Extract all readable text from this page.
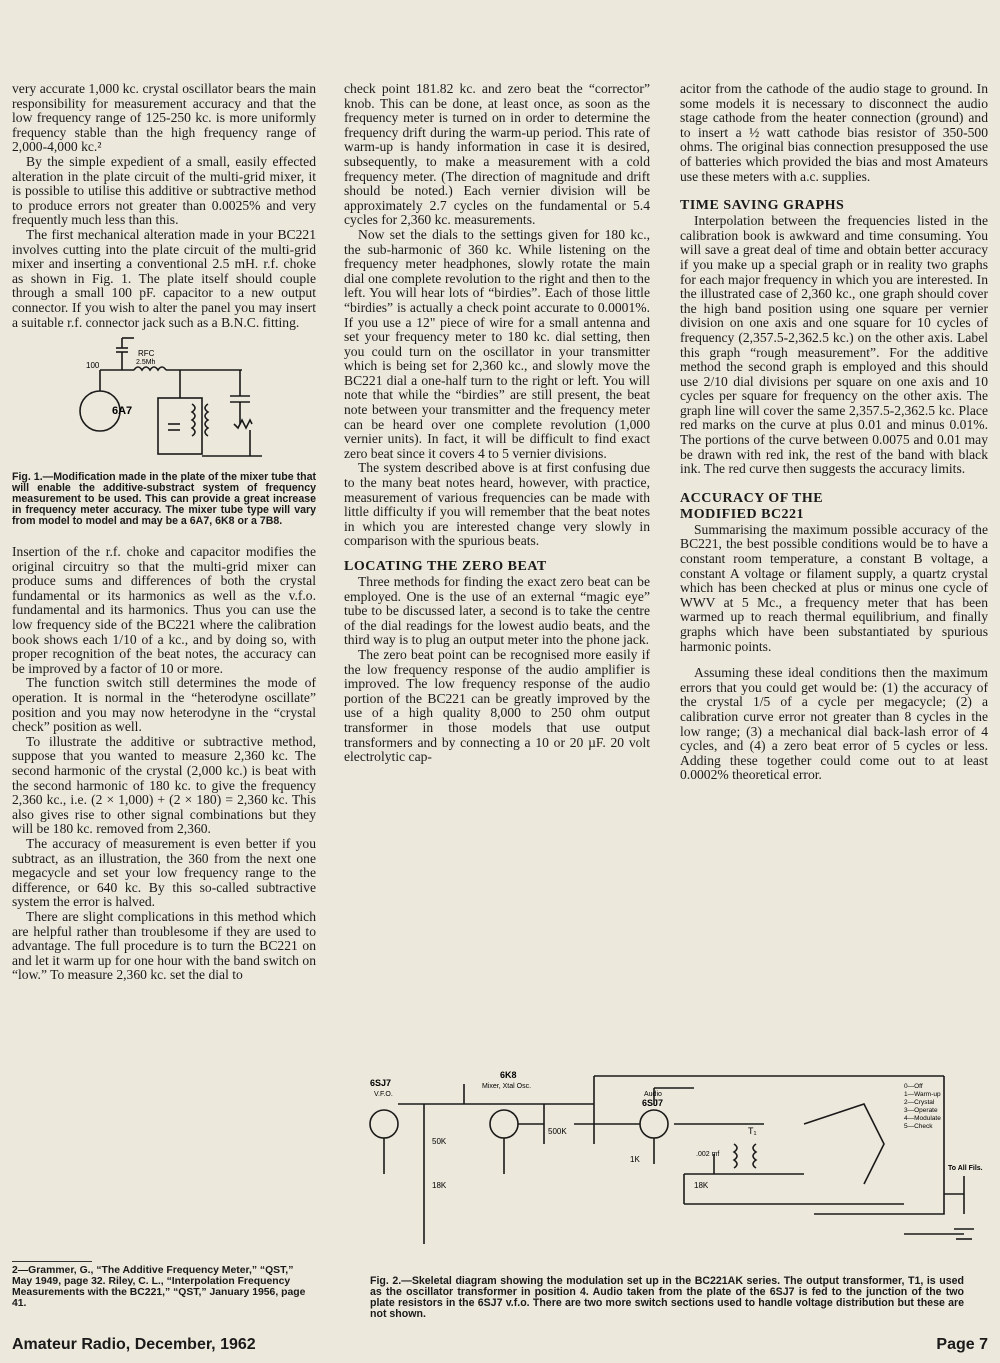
very accurate 1,000 kc. crystal oscillator bears the main responsibility for measurement accuracy and that the low frequency range of 125-250 kc. is more uniformly frequency stable than the high frequency range of 2,000-4,000 kc.²

By the simple expedient of a small, easily effected alteration in the plate circuit of the multi-grid mixer, it is possible to utilise this additive or subtractive method to produce errors not greater than 0.0025% and very frequently much less than this.

The first mechanical alteration made in your BC221 involves cutting into the plate circuit of the multi-grid mixer and inserting a conventional 2.5 mH. r.f. choke as shown in Fig. 1. The plate itself should couple through a small 100 pF. capacitor to a new output connector. If you wish to alter the panel you may insert a suitable r.f. connector jack such as a B.N.C. fitting.

100
RFC
2.5Mh
6A7

Fig. 1.—Modification made in the plate of the mixer tube that will enable the additive-substract system of frequency measurement to be used. This can provide a great increase in frequency meter accuracy. The mixer tube type will vary from model to model and may be a 6A7, 6K8 or a 7B8.

Insertion of the r.f. choke and capacitor modifies the original circuitry so that the multi-grid mixer can produce sums and differences of both the crystal fundamental or its harmonics as well as the v.f.o. fundamental and its harmonics. Thus you can use the low frequency side of the BC221 where the calibration book shows each 1/10 of a kc., and by doing so, with proper recognition of the beat notes, the accuracy can be improved by a factor of 10 or more.

The function switch still determines the mode of operation. It is normal in the “heterodyne oscillate” position and you may now heterodyne in the “crystal check” position as well.

To illustrate the additive or subtractive method, suppose that you wanted to measure 2,360 kc. The second harmonic of the crystal (2,000 kc.) is beat with the second harmonic of 180 kc. to give the frequency 2,360 kc., i.e. (2 × 1,000) + (2 × 180) = 2,360 kc. This also gives rise to other signal combinations but they will be 180 kc. removed from 2,360.

The accuracy of measurement is even better if you subtract, as an illustration, the 360 from the next one megacycle and set your low frequency range to the difference, or 640 kc. By this so-called subtractive system the error is halved.

There are slight complications in this method which are helpful rather than troublesome if they are used to advantage. The full procedure is to turn the BC221 on and let it warm up for one hour with the band switch on “low.” To measure 2,360 kc. set the dial to

2—Grammer, G., “The Additive Frequency Meter,” “QST,” May 1949, page 32. Riley, C. L., “Interpolation Frequency Measurements with the BC221,” “QST,” January 1956, page 41.

check point 181.82 kc. and zero beat the “corrector” knob. This can be done, at least once, as soon as the frequency meter is turned on in order to determine the frequency drift during the warm-up period. This rate of warm-up is handy information in case it is desired, subsequently, to make a measurement with a cold frequency meter. (The direction of magnitude and drift should be noted.) Each vernier division will be approximately 2.7 cycles on the fundamental or 5.4 cycles for 2,360 kc. measurements.

Now set the dials to the settings given for 180 kc., the sub-harmonic of 360 kc. While listening on the frequency meter headphones, slowly rotate the main dial one complete revolution to the right and then to the left. You will hear lots of “birdies”. Each of those little “birdies” is actually a check point accurate to 0.0001%. If you use a 12" piece of wire for a small antenna and set your frequency meter to 180 kc. dial setting, then you could turn on the oscillator in your transmitter which is being set for 2,360 kc., and slowly move the BC221 dial a one-half turn to the right or left. You will note that while the “birdies” are still present, the beat note between your transmitter and the frequency meter can be heard over one complete revolution (1,000 vernier units). In fact, it will be difficult to find exact zero beat since it covers 4 to 5 vernier divisions.

The system described above is at first confusing due to the many beat notes heard, however, with practice, measurement of various frequencies can be made with little difficulty if you will remember that the beat notes in which you are interested change very slowly in comparison with the spurious beats.

LOCATING THE ZERO BEAT

Three methods for finding the exact zero beat can be employed. One is the use of an external “magic eye” tube to be discussed later, a second is to take the centre of the dial readings for the lowest audio beats, and the third way is to plug an output meter into the phone jack.

The zero beat point can be recognised more easily if the low frequency response of the audio amplifier is improved. The low frequency response of the audio portion of the BC221 can be greatly improved by the use of a high quality 8,000 to 250 ohm output transformer in those models that use output transformers and by connecting a 10 or 20 µF. 20 volt electrolytic cap-

acitor from the cathode of the audio stage to ground. In some models it is necessary to disconnect the audio stage cathode from the heater connection (ground) and to insert a ½ watt cathode bias resistor of 350-500 ohms. The original bias connection presupposed the use of batteries which provided the bias and most Amateurs use these meters with a.c. supplies.

TIME SAVING GRAPHS

Interpolation between the frequencies listed in the calibration book is awkward and time consuming. You will save a great deal of time and obtain better accuracy if you make up a special graph or in reality two graphs for each major frequency in which you are interested. In the illustrated case of 2,360 kc., one graph should cover the high band position using one square per vernier division on one axis and one square for 10 cycles of frequency (2,357.5-2,362.5 kc.) on the other axis. Label this graph “rough measurement”. For the additive method the second graph is employed and this should use 2/10 dial divisions per square on one axis and 10 cycles per square for frequency on the other axis. The graph line will cover the same 2,357.5-2,362.5 kc. Place red marks on the curve at plus 0.01 and minus 0.01%. The portions of the curve between 0.0075 and 0.01 may be drawn with red ink, the rest of the band with black ink. The red curve then suggests the accuracy limits.

ACCURACY OF THE
MODIFIED BC221

Summarising the maximum possible accuracy of the BC221, the best possible conditions would be to have a constant room temperature, a constant B voltage, a constant A voltage or filament supply, a quartz crystal which has been checked at plus or minus one cycle of WWV at 5 Mc., a frequency meter that has been warmed up to reach thermal equilibrium, and finally graphs which have been substantiated by spurious harmonic points.

Assuming these ideal conditions then the maximum errors that you could get would be: (1) the accuracy of the crystal 1/5 of a cycle per megacycle; (2) a calibration curve error not greater than 8 cycles in the low range; (3) a mechanical dial back-lash error of 4 cycles, and (4) a zero beat error of 5 cycles or less. Adding these together could come out to at least 0.0002% theoretical error.

6SJ7
V.F.O.
6K8
Mixer, Xtal Osc.
Audio
6SJ7
50K
18K
500K
1K
.002 mf
18K
T₁
To All Fils.
0—Off
1—Warm-up
2—Crystal
3—Operate
4—Modulate
5—Check
Fig. 2.—Skeletal diagram showing the modulation set up in the BC221AK series. The output transformer, T1, is used as the oscillator transformer in position 4. Audio taken from the plate of the 6SJ7 is fed to the junction of the two plate resistors in the 6SJ7 v.f.o. There are two more switch sections used to handle voltage distribution but these are not shown.
Amateur Radio, December, 1962	Page 7
